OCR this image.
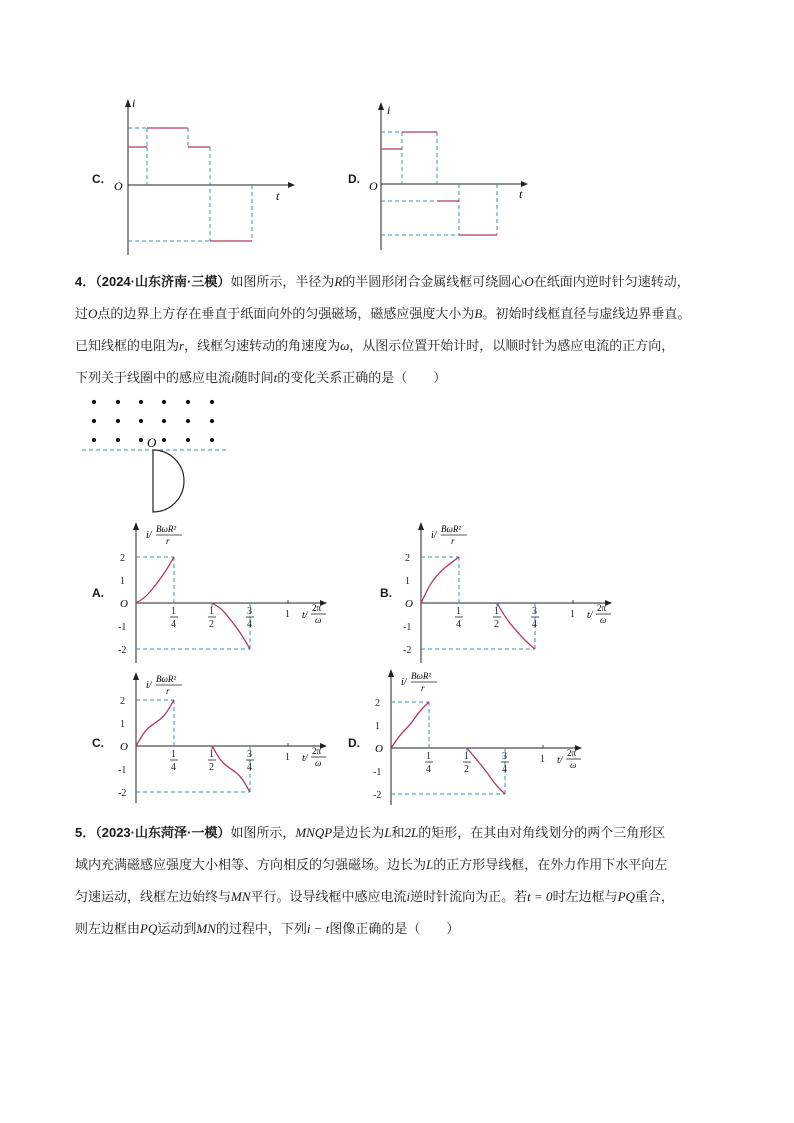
C.
i
t
O	D.
i
t
O
4．（2024·山东济南·三模）如图所示，半径为R的半圆形闭合金属线框可绕圆心O在纸面内逆时针匀速转动，
过O点的边界上方存在垂直于纸面向外的匀强磁场，磁感应强度大小为B。初始时线框直径与虚线边界垂直。
已知线框的电阻为r，线框匀速转动的角速度为ω，从图示位置开始计时，以顺时针为感应电流的正方向，
下列关于线圈中的感应电流i随时间t的变化关系正确的是（　　）
O
A.	B.
C.	D.
i/
BωR²
r
t/
2π
ω
O
2
1
-1
-2
1
4
1
2
3
4
1
i/
BωR²
r
t/
2π
ω
O
2
1
-1
-2
1
4
1
2
3
4
1
i/
BωR²
r
t/
2π
ω
O
2
1
-1
-2
1
4
1
2
3
4
1
i/
BωR²
r
t/
2π
ω
O
2
1
-1
-2
1
4
1
2
3
4
1
5．（2023·山东菏泽·一模）如图所示，MNQP是边长为L和2L的矩形，在其由对角线划分的两个三角形区
域内充满磁感应强度大小相等、方向相反的匀强磁场。边长为L的正方形导线框，在外力作用下水平向左
匀速运动，线框左边始终与MN平行。设导线框中感应电流i逆时针流向为正。若t = 0时左边框与PQ重合，
则左边框由PQ运动到MN的过程中，下列i − t图像正确的是（　　）
